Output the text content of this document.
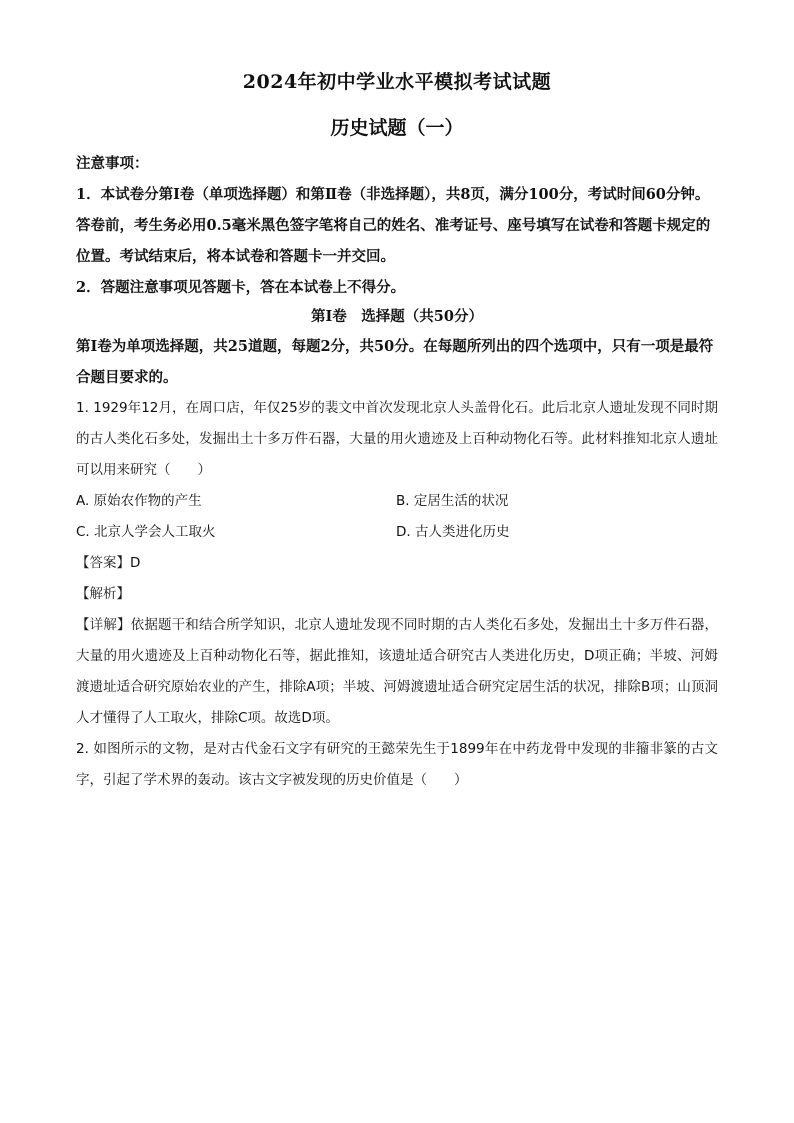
2024年初中学业水平模拟考试试题
历史试题（一）

注意事项：

1．本试卷分第Ⅰ卷（单项选择题）和第Ⅱ卷（非选择题），共8页，满分100分，考试时间60分钟。答卷前，考生务必用0.5毫米黑色签字笔将自己的姓名、准考证号、座号填写在试卷和答题卡规定的位置。考试结束后，将本试卷和答题卡一并交回。

2．答题注意事项见答题卡，答在本试卷上不得分。

第Ⅰ卷　选择题（共50分）

第Ⅰ卷为单项选择题，共25道题，每题2分，共50分。在每题所列出的四个选项中，只有一项是最符合题目要求的。

1. 1929年12月，在周口店，年仅25岁的裴文中首次发现北京人头盖骨化石。此后北京人遗址发现不同时期的古人类化石多处，发掘出土十多万件石器，大量的用火遗迹及上百种动物化石等。此材料推知北京人遗址可以用来研究（　　）

A. 原始农作物的产生	B. 定居生活的状况
C. 北京人学会人工取火	D. 古人类进化历史

【答案】D

【解析】

【详解】依据题干和结合所学知识，北京人遗址发现不同时期的古人类化石多处，发掘出土十多万件石器，大量的用火遗迹及上百种动物化石等，据此推知，该遗址适合研究古人类进化历史，D项正确；半坡、河姆渡遗址适合研究原始农业的产生，排除A项；半坡、河姆渡遗址适合研究定居生活的状况，排除B项；山顶洞人才懂得了人工取火，排除C项。故选D项。

2. 如图所示的文物，是对古代金石文字有研究的王懿荣先生于1899年在中药龙骨中发现的非籀非篆的古文字，引起了学术界的轰动。该古文字被发现的历史价值是（　　）
